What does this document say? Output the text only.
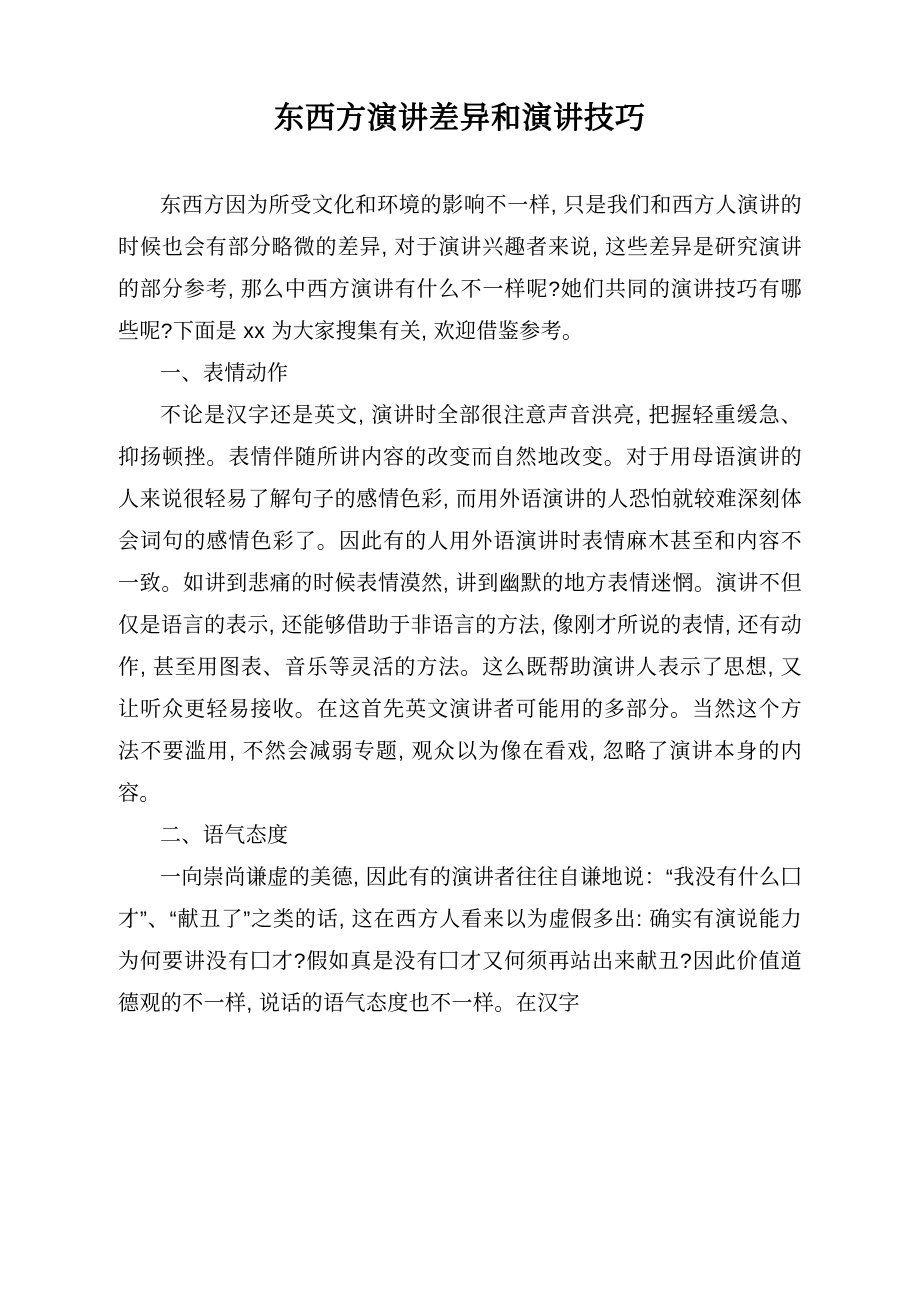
东西方演讲差异和演讲技巧

东西方因为所受文化和环境的影响不一样, 只是我们和西方人演讲的时候也会有部分略微的差异, 对于演讲兴趣者来说, 这些差异是研究演讲的部分参考, 那么中西方演讲有什么不一样呢?她们共同的演讲技巧有哪些呢?下面是 xx 为大家搜集有关, 欢迎借鉴参考。

一、表情动作

不论是汉字还是英文, 演讲时全部很注意声音洪亮, 把握轻重缓急、抑扬顿挫。表情伴随所讲内容的改变而自然地改变。对于用母语演讲的人来说很轻易了解句子的感情色彩, 而用外语演讲的人恐怕就较难深刻体会词句的感情色彩了。因此有的人用外语演讲时表情麻木甚至和内容不一致。如讲到悲痛的时候表情漠然, 讲到幽默的地方表情迷惘。演讲不但仅是语言的表示, 还能够借助于非语言的方法, 像刚才所说的表情, 还有动作, 甚至用图表、音乐等灵活的方法。这么既帮助演讲人表示了思想, 又让听众更轻易接收。在这首先英文演讲者可能用的多部分。当然这个方法不要滥用, 不然会减弱专题, 观众以为像在看戏, 忽略了演讲本身的内容。

二、语气态度

一向崇尚谦虚的美德, 因此有的演讲者往往自谦地说：“我没有什么囗才”、“献丑了”之类的话, 这在西方人看来以为虚假多出: 确实有演说能力为何要讲没有囗才?假如真是没有囗才又何须再站出来献丑?因此价值道德观的不一样, 说话的语气态度也不一样。在汉字
